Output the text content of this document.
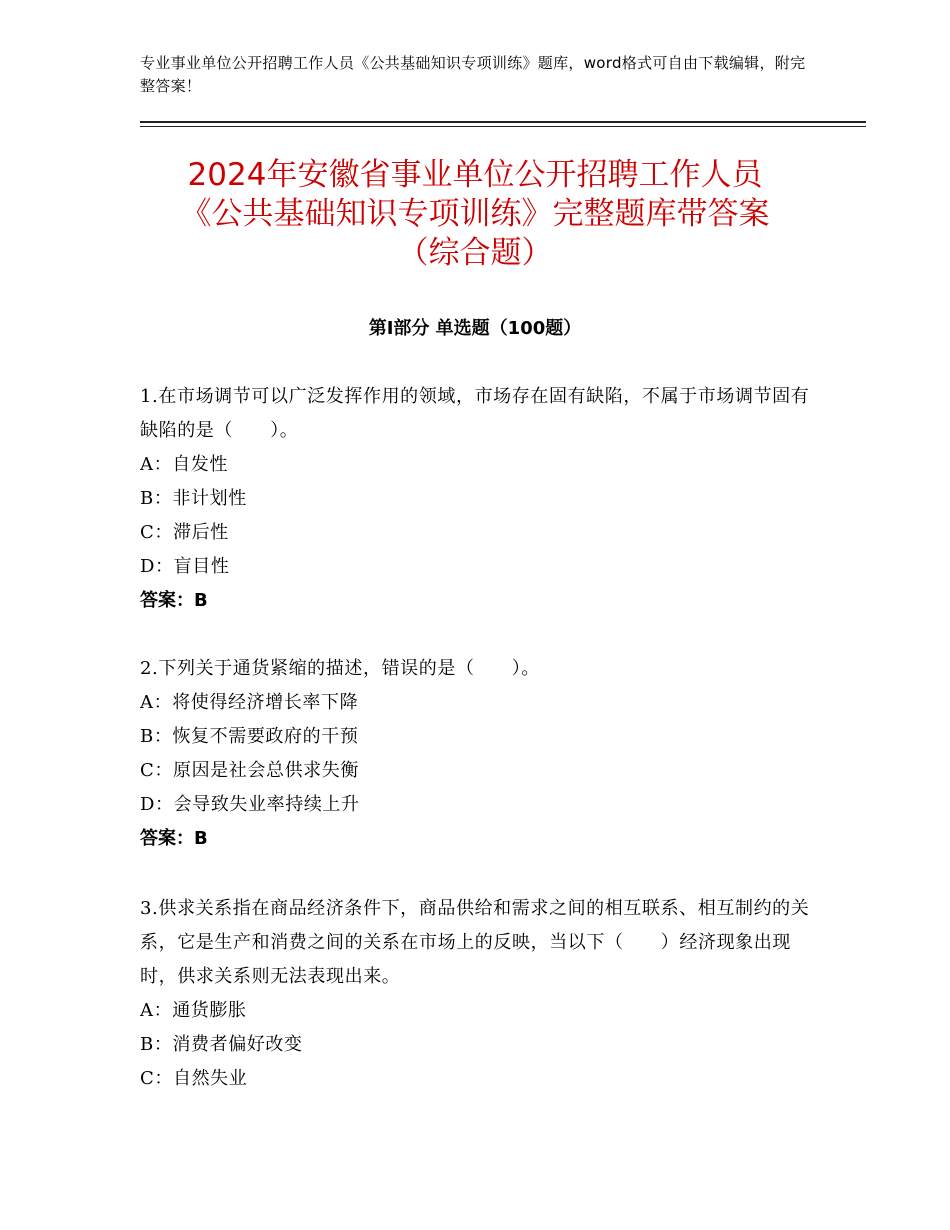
专业事业单位公开招聘工作人员《公共基础知识专项训练》题库，word格式可自由下载编辑，附完整答案！
2024年安徽省事业单位公开招聘工作人员
《公共基础知识专项训练》完整题库带答案
（综合题）
第Ⅰ部分 单选题（100题）
1.在市场调节可以广泛发挥作用的领域，市场存在固有缺陷，不属于市场调节固有缺陷的是（　　）。
A：自发性
B：非计划性
C：滞后性
D：盲目性
答案：B
2.下列关于通货紧缩的描述，错误的是（　　）。
A：将使得经济增长率下降
B：恢复不需要政府的干预
C：原因是社会总供求失衡
D：会导致失业率持续上升
答案：B
3.供求关系指在商品经济条件下，商品供给和需求之间的相互联系、相互制约的关系，它是生产和消费之间的关系在市场上的反映，当以下（　　）经济现象出现时，供求关系则无法表现出来。
A：通货膨胀
B：消费者偏好改变
C：自然失业
